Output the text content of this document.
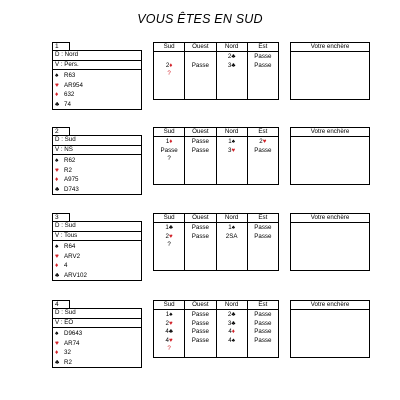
VOUS ÊTES EN SUD
1
D : Nord
V : Pers.
♠ R63
♥ AR954
♦ 632
♣ 74
Sud
2♦
?
Ouest
Passe
Nord
2♣
3♣
Est
Passe
Passe
Votre enchère
2
D : Sud
V : NS
♠ R62
♥ R2
♦ A975
♣ D743
Sud
1♦
Passe
?
Ouest
Passe
Passe
Nord
1♠
3♥
Est
2♥
Passe
Votre enchère
3
D : Sud
V : Tous
♠ R64
♥ ARV2
♦ 4
♣ ARV102
Sud
1♣
2♥
?
Ouest
Passe
Passe
Nord
1♠
2SA
Est
Passe
Passe
Votre enchère
4
D : Sud
V : EO
♠ D9643
♥ AR74
♦ 32
♣ R2
Sud
1♠
2♥
4♣
4♥
?
Ouest
Passe
Passe
Passe
Passe
Nord
2♣
3♣
4♦
4♠
Est
Passe
Passe
Passe
Passe
Votre enchère
